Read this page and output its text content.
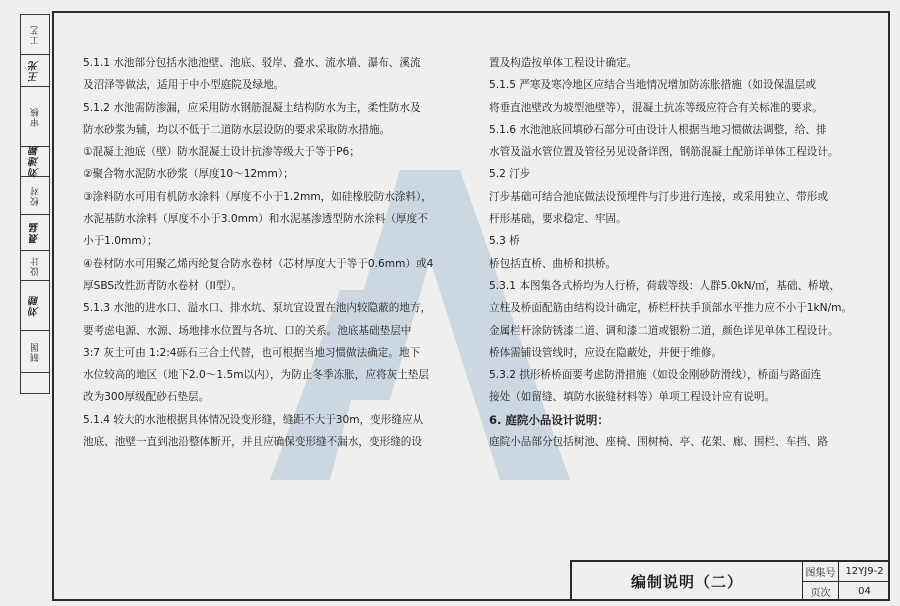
工艺
王光
审核
刘速颖
校对
聂猛
设计
刘睦
制图

5.1.1 水池部分包括水池池壁、池底、驳岸、叠水、流水墙、瀑布、溪流

及沼泽等做法，适用于中小型庭院及绿地。

5.1.2 水池需防渗漏，应采用防水钢筋混凝土结构防水为主，柔性防水及

防水砂浆为辅，均以不低于二道防水层设防的要求采取防水措施。

①混凝土池底（壁）防水混凝土设计抗渗等级大于等于P6；

②聚合物水泥防水砂浆（厚度10～12mm）；

③涂料防水可用有机防水涂料（厚度不小于1.2mm，如硅橡胶防水涂料），

水泥基防水涂料（厚度不小于3.0mm）和水泥基渗透型防水涂料（厚度不

小于1.0mm）；

④卷材防水可用聚乙烯丙纶复合防水卷材（芯材厚度大于等于0.6mm）或4

厚SBS改性沥青防水卷材（II型）。

5.1.3 水池的进水口、溢水口、排水坑、泵坑宜设置在池内较隐蔽的地方，

要考虑电源、水源、场地排水位置与各坑、口的关系。池底基础垫层中

3:7 灰土可由 1:2:4砾石三合土代替，也可根据当地习惯做法确定。地下

水位较高的地区（地下2.0～1.5m以内），为防止冬季冻胀，应将灰土垫层

改为300厚级配砂石垫层。

5.1.4 较大的水池根据具体情况设变形缝，缝距不大于30m，变形缝应从

池底、池壁一直到池沿整体断开，并且应确保变形缝不漏水，变形缝的设

置及构造按单体工程设计确定。

5.1.5 严寒及寒冷地区应结合当地情况增加防冻胀措施（如设保温层或

将垂直池壁改为坡型池壁等），混凝土抗冻等级应符合有关标准的要求。

5.1.6 水池池底回填砂石部分可由设计人根据当地习惯做法调整，给、排

水管及溢水管位置及管径另见设备详图，钢筋混凝土配筋详单体工程设计。

5.2 汀步

汀步基础可结合池底做法设预埋件与汀步进行连接，或采用独立、带形或

杆形基础，要求稳定、牢固。

5.3 桥

桥包括直桥、曲桥和拱桥。

5.3.1 本图集各式桥均为人行桥，荷载等级：人群5.0kN/㎡，基础、桥墩、

立柱及桥面配筋由结构设计确定，桥栏杆扶手顶部水平推力应不小于1kN/m。

金属栏杆涂防锈漆二道、调和漆二道或银粉二道，颜色详见单体工程设计。

桥体需铺设管线时，应设在隐蔽处，并便于维修。

5.3.2 拱形桥桥面要考虑防滑措施（如设金刚砂防滑线），桥面与路面连

接处（如留缝、填防水嵌缝材料等）单项工程设计应有说明。

6. 庭院小品设计说明：

庭院小品部分包括树池、座椅、围树椅、亭、花架、廊、围栏、车挡、路

编制说明（二）	图集号 12YJ9-2
页次	04
